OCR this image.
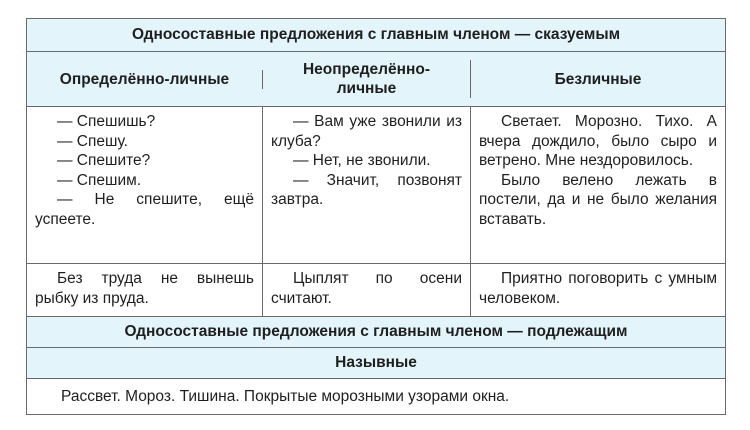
Односоставные предложения с главным членом — сказуемым
Определённо-личные
Неопределённо-
личные
Безличные

— Спешишь?

— Спешу.

— Спешите?

— Спешим.

— Не спешите, ещё успеете.

— Вам уже звонили из клуба?

— Нет, не звонили.

— Значит, позвонят завтра.

Светает. Морозно. Тихо. А вчера дождило, было сыро и ветрено. Мне нездоровилось.

Было велено лежать в постели, да и не было желания вставать.

Без труда не вынешь рыбку из пруда.

Цыплят по осени считают.

Приятно поговорить с умным человеком.

Односоставные предложения с главным членом — подлежащим
Назывные
Рассвет. Мороз. Тишина. Покрытые морозными узорами окна.
